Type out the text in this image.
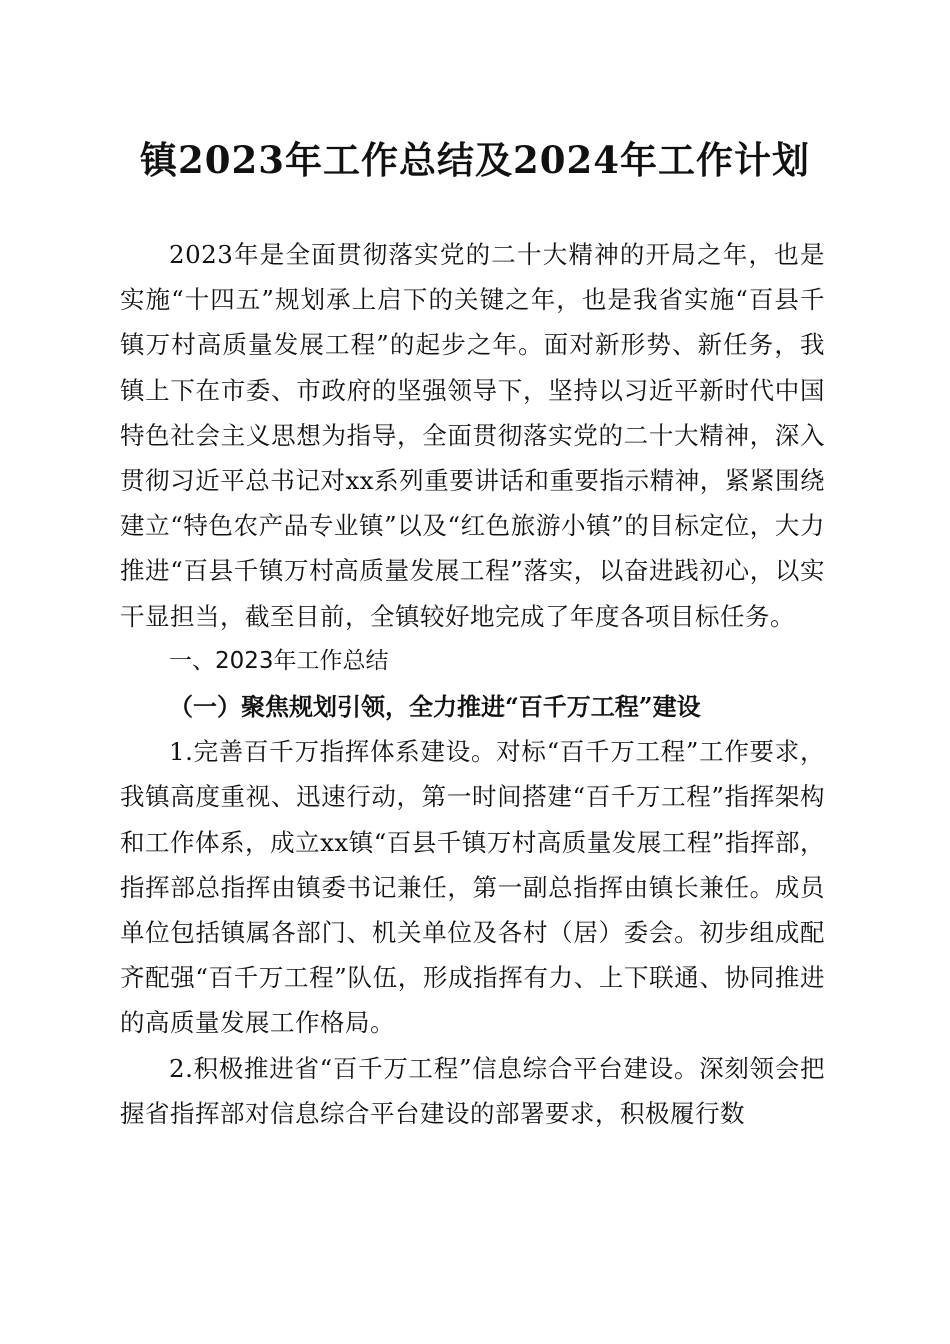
镇2023年工作总结及2024年工作计划

2023年是全面贯彻落实党的二十大精神的开局之年，也是实施“十四五”规划承上启下的关键之年，也是我省实施“百县千镇万村高质量发展工程”的起步之年。面对新形势、新任务，我镇上下在市委、市政府的坚强领导下，坚持以习近平新时代中国特色社会主义思想为指导，全面贯彻落实党的二十大精神，深入贯彻习近平总书记对xx系列重要讲话和重要指示精神，紧紧围绕建立“特色农产品专业镇”以及“红色旅游小镇”的目标定位，大力推进“百县千镇万村高质量发展工程”落实，以奋进践初心，以实干显担当，截至目前，全镇较好地完成了年度各项目标任务。

一、2023年工作总结

（一）聚焦规划引领，全力推进“百千万工程”建设

1.完善百千万指挥体系建设。对标“百千万工程”工作要求，我镇高度重视、迅速行动，第一时间搭建“百千万工程”指挥架构和工作体系，成立xx镇“百县千镇万村高质量发展工程”指挥部，指挥部总指挥由镇委书记兼任，第一副总指挥由镇长兼任。成员单位包括镇属各部门、机关单位及各村（居）委会。初步组成配齐配强“百千万工程”队伍，形成指挥有力、上下联通、协同推进的高质量发展工作格局。

2.积极推进省“百千万工程”信息综合平台建设。深刻领会把握省指挥部对信息综合平台建设的部署要求，积极履行数
